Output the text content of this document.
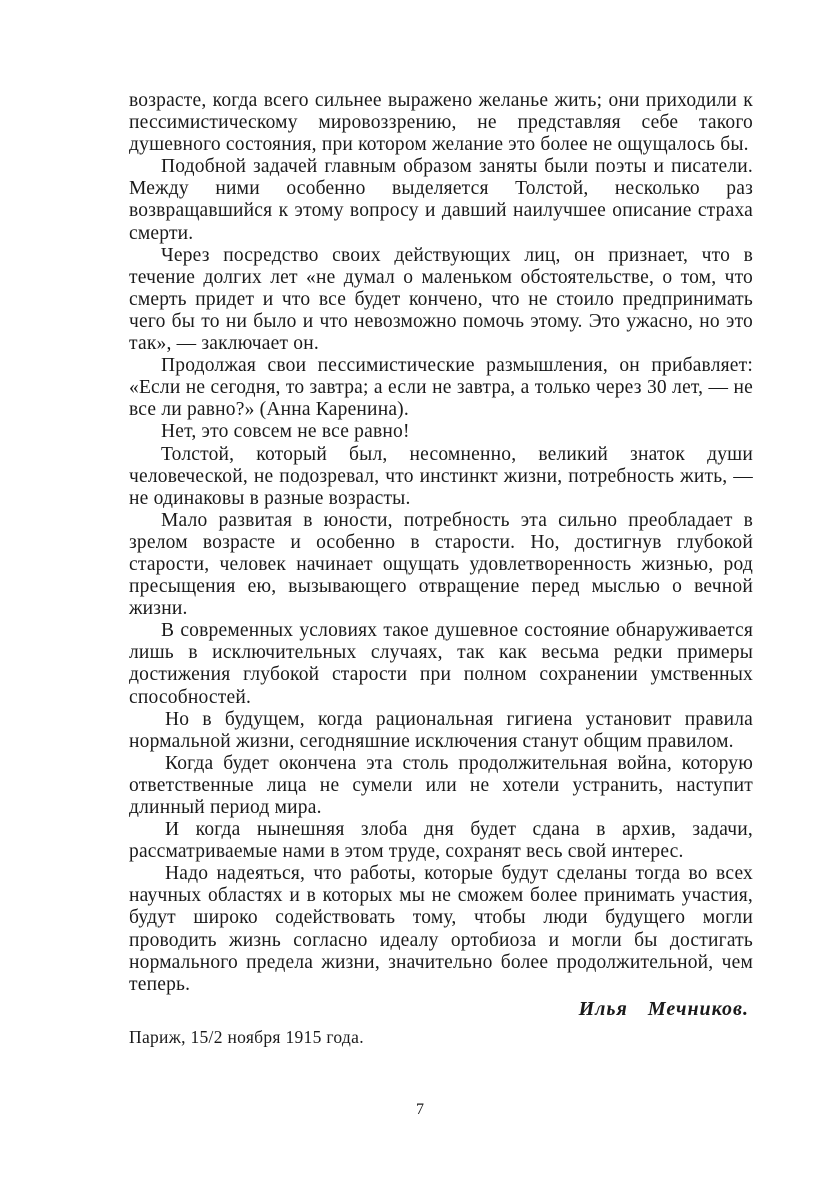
возрасте, когда всего сильнее выражено желанье жить; они приходили к пессимистическому мировоззрению, не представляя себе такого душевного состояния, при котором желание это более не ощущалось бы.

Подобной задачей главным образом заняты были поэты и писатели. Между ними особенно выделяется Толстой, несколько раз возвращавшийся к этому вопросу и давший наилучшее описание страха смерти.

Через посредство своих действующих лиц, он признает, что в течение долгих лет «не думал о маленьком обстоятельстве, о том, что смерть придет и что все будет кончено, что не стоило предпринимать чего бы то ни было и что невозможно помочь этому. Это ужасно, но это так», — заключает он.

Продолжая свои пессимистические размышления, он прибавляет: «Если не сегодня, то завтра; а если не завтра, а только через 30 лет, — не все ли равно?» (Анна Каренина).

Нет, это совсем не все равно!

Толстой, который был, несомненно, великий знаток души человеческой, не подозревал, что инстинкт жизни, потребность жить, — не одинаковы в разные возрасты.

Мало развитая в юности, потребность эта сильно преобладает в зрелом возрасте и особенно в старости. Но, достигнув глубокой старости, человек начинает ощущать удовлетворенность жизнью, род пресыщения ею, вызывающего отвращение перед мыслью о вечной жизни.

В современных условиях такое душевное состояние обнаруживается лишь в исключительных случаях, так как весьма редки примеры достижения глубокой старости при полном сохранении умственных способностей.

Но в будущем, когда рациональная гигиена установит правила нормальной жизни, сегодняшние исключения станут общим правилом.

Когда будет окончена эта столь продолжительная война, которую ответственные лица не сумели или не хотели устранить, наступит длинный период мира.

И когда нынешняя злоба дня будет сдана в архив, задачи, рассматриваемые нами в этом труде, сохранят весь свой интерес.

Надо надеяться, что работы, которые будут сделаны тогда во всех научных областях и в которых мы не сможем более принимать участия, будут широко содействовать тому, чтобы люди будущего могли проводить жизнь согласно идеалу ортобиоза и могли бы достигать нормального предела жизни, значительно более продолжительной, чем теперь.

Илья Мечников.

Париж, 15/2 ноября 1915 года.

7
